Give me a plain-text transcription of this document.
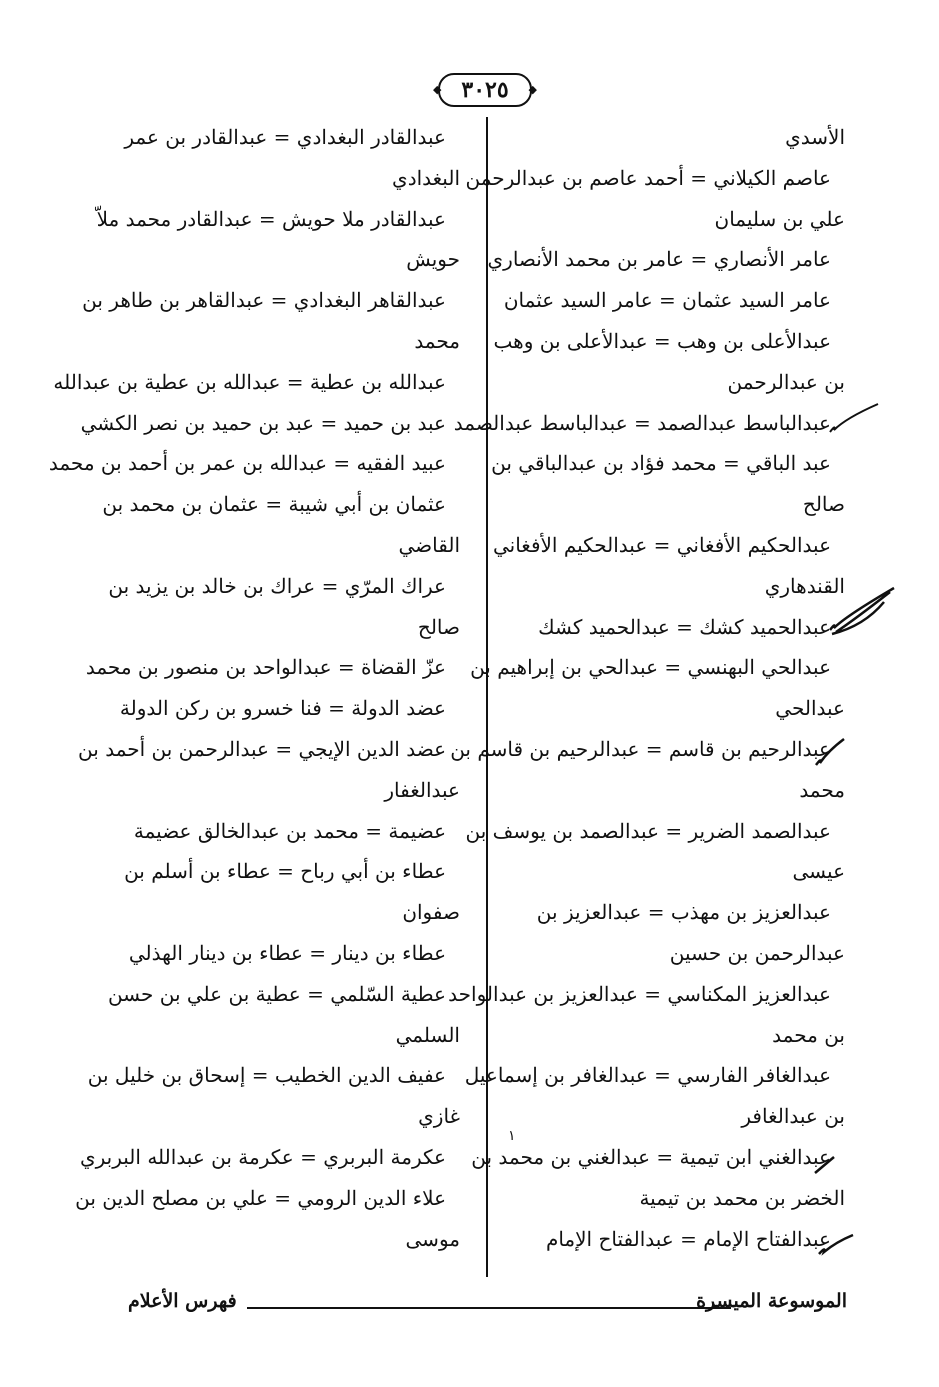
◆ ٣٠٢٥ ◆
الأسدي
عاصم الكيلاني = أحمد عاصم بن عبدالرحمن
علي بن سليمان
عامر الأنصاري = عامر بن محمد الأنصاري
عامر السيد عثمان = عامر السيد عثمان
عبدالأعلى بن وهب = عبدالأعلى بن وهب
بن عبدالرحمن
عبدالباسط عبدالصمد = عبدالباسط عبدالصمد
عبد الباقي = محمد فؤاد بن عبدالباقي بن
صالح
عبدالحكيم الأفغاني = عبدالحكيم الأفغاني
القندهاري
عبدالحميد كشك = عبدالحميد كشك
عبدالحي البهنسي = عبدالحي بن إبراهيم بن
عبدالحي
عبدالرحيم بن قاسم = عبدالرحيم بن قاسم بن
محمد
عبدالصمد الضرير = عبدالصمد بن يوسف بن
عيسى
عبدالعزيز بن مهذب = عبدالعزيز بن
عبدالرحمن بن حسين
عبدالعزيز المكناسي = عبدالعزيز بن عبدالواحد
بن محمد
عبدالغافر الفارسي = عبدالغافر بن إسماعيل
بن عبدالغافر
عبدالغني ابن تيمية = عبدالغني بن محمد بن
الخضر بن محمد بن تيمية
عبدالفتاح الإمام = عبدالفتاح الإمام
عبدالقادر البغدادي = عبدالقادر بن عمر
البغدادي
عبدالقادر ملا حويش = عبدالقادر محمد ملاّ
حويش
عبدالقاهر البغدادي = عبدالقاهر بن طاهر بن
محمد
عبدالله بن عطية = عبدالله بن عطية بن عبدالله
عبد بن حميد = عبد بن حميد بن نصر الكشي
عبيد الفقيه = عبدالله بن عمر بن أحمد بن محمد
عثمان بن أبي شيبة = عثمان بن محمد بن
القاضي
عراك المرّي = عراك بن خالد بن يزيد بن
صالح
عزّ القضاة = عبدالواحد بن منصور بن محمد
عضد الدولة = فنا خسرو بن ركن الدولة
عضد الدين الإيجي = عبدالرحمن بن أحمد بن
عبدالغفار
عضيمة = محمد بن عبدالخالق عضيمة
عطاء بن أبي رباح = عطاء بن أسلم بن
صفوان
عطاء بن دينار = عطاء بن دينار الهذلي
عطية السّلمي = عطية بن علي بن حسن
السلمي
عفيف الدين الخطيب = إسحاق بن خليل بن
غازي
عكرمة البربري = عكرمة بن عبدالله البربري
علاء الدين الرومي = علي بن مصلح الدين بن
موسى
١
الموسوعة الميسرة
فهرس الأعلام
